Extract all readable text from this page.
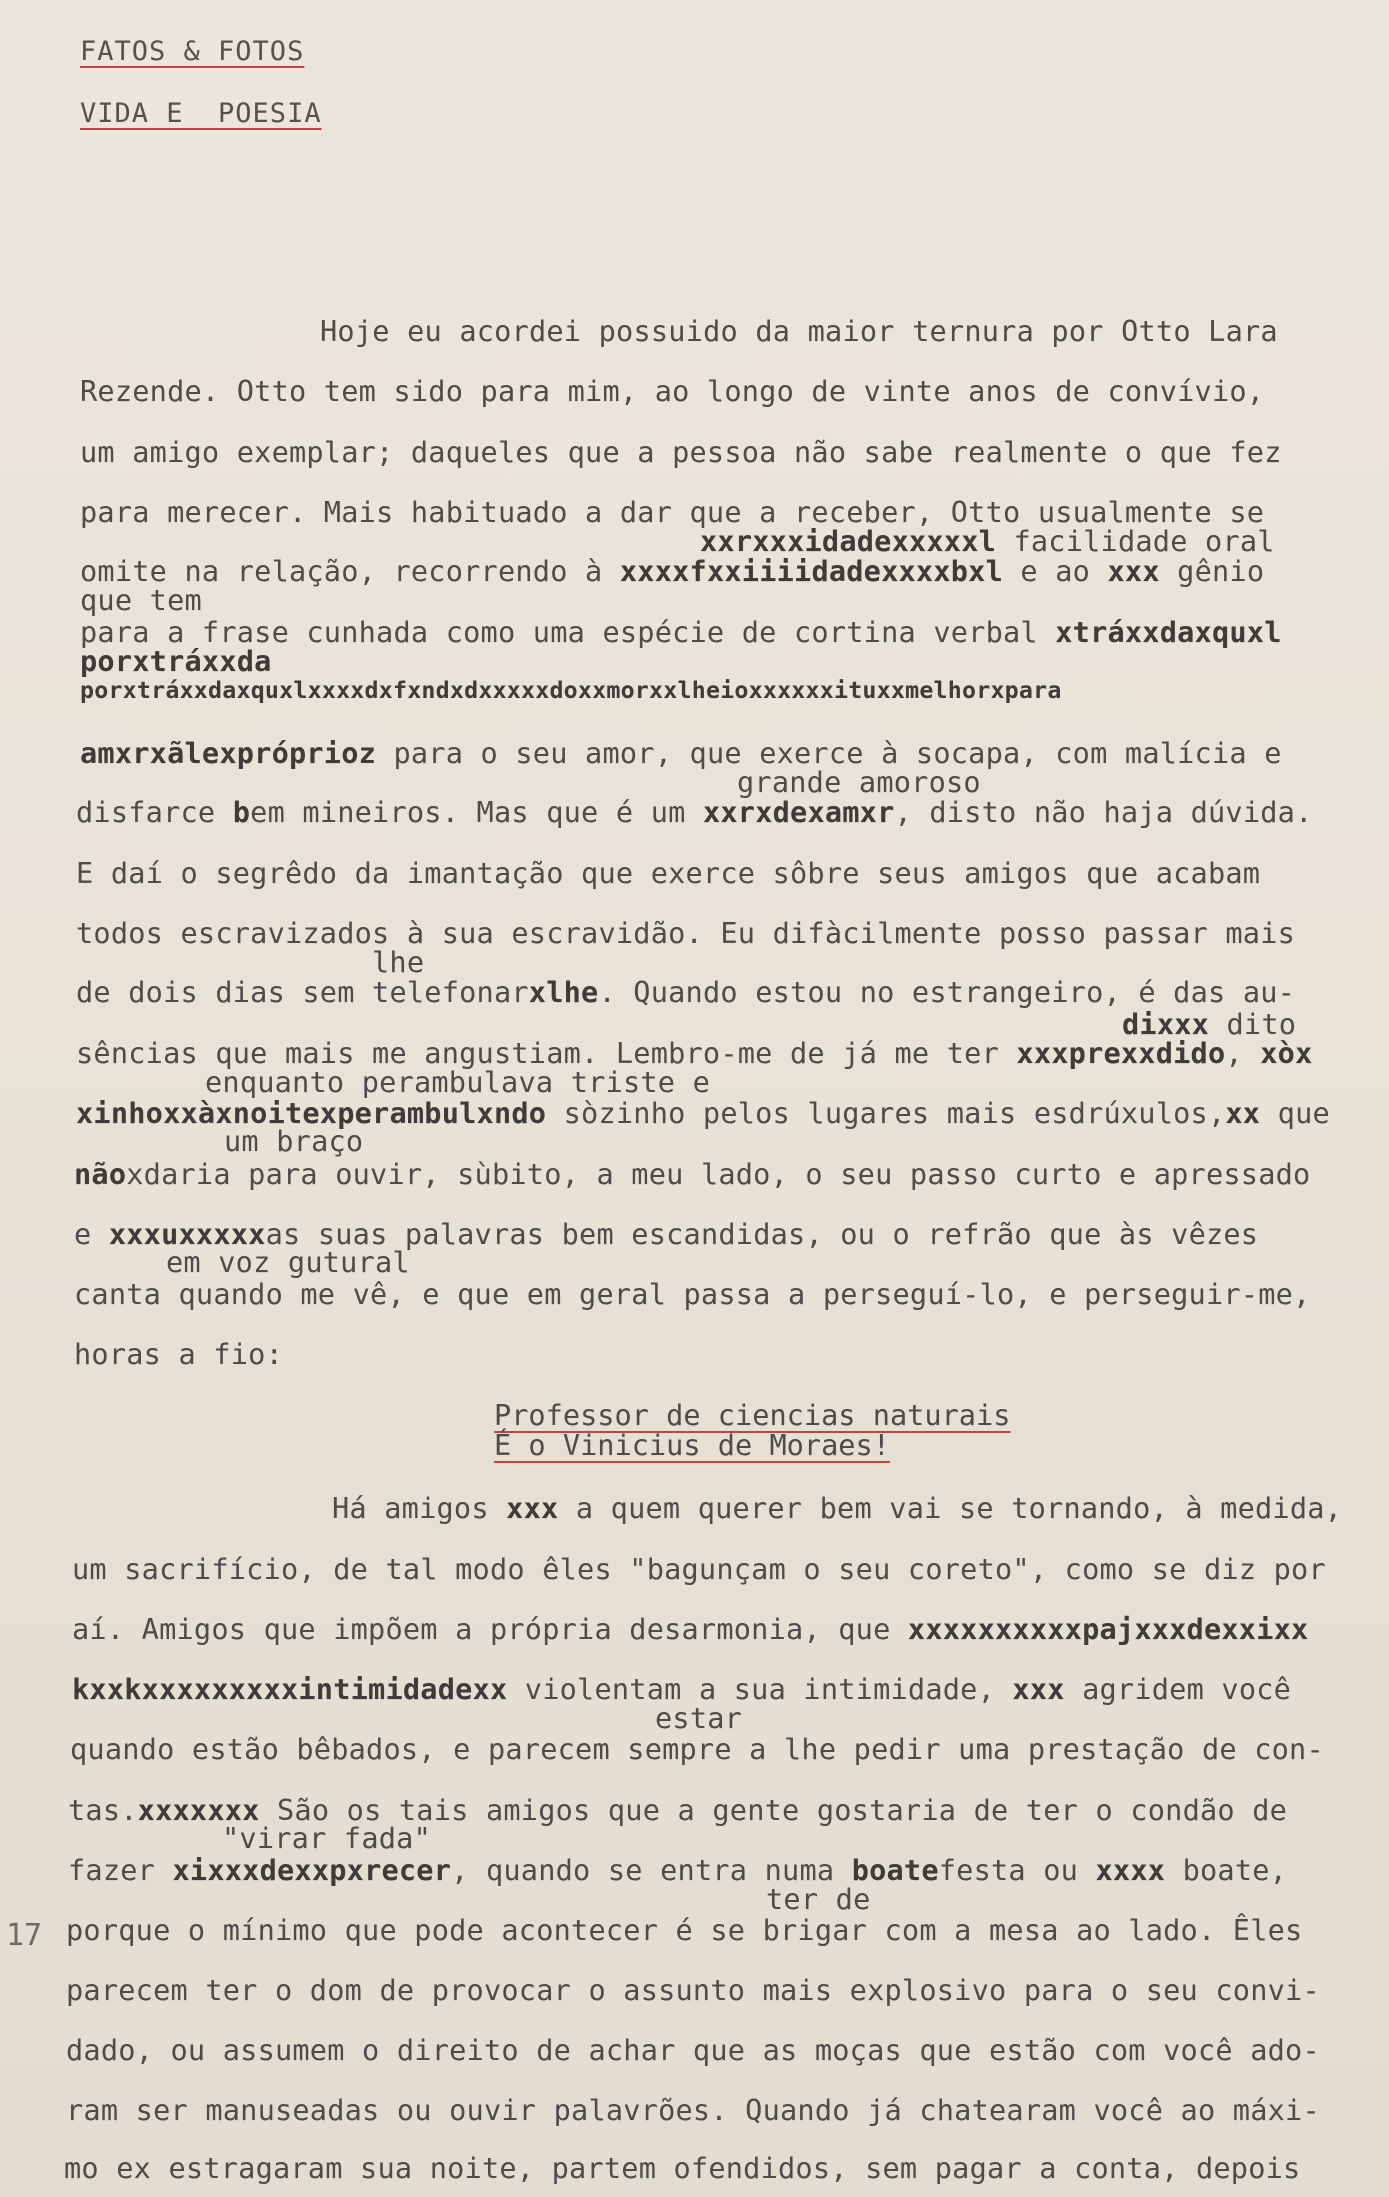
FATOS & FOTOS
VIDA E  POESIA
Hoje eu acordei possuido da maior ternura por Otto Lara
Rezende. Otto tem sido para mim, ao longo de vinte anos de convívio,
um amigo exemplar; daqueles que a pessoa não sabe realmente o que fez
para merecer. Mais habituado a dar que a receber, Otto usualmente se
xxrxxxidadexxxxxl facilidade oral
omite na relação, recorrendo à xxxxfxxiiiidadexxxxbxl e ao xxx gênio
que tem
para a frase cunhada como uma espécie de cortina verbal xtráxxdaxquxl
porxtráxxda
porxtráxxdaxquxlxxxxdxfxndxdxxxxxdoxxmorxxlheioxxxxxxituxxmelhorxpara
amxrxãlexpróprioz para o seu amor, que exerce à socapa, com malícia e
grande amoroso
disfarce bem mineiros. Mas que é um xxrxdexamxr, disto não haja dúvida.
E daí o segrêdo da imantação que exerce sôbre seus amigos que acabam
todos escravizados à sua escravidão. Eu difàcilmente posso passar mais
lhe
de dois dias sem telefonarxlhe. Quando estou no estrangeiro, é das au-
dixxx dito
sências que mais me angustiam. Lembro-me de já me ter xxxprexxdido, xòx
enquanto perambulava triste e
xinhoxxàxnoitexperambulxndo sòzinho pelos lugares mais esdrúxulos,xx que
um braço
nãoxdaria para ouvir, sùbito, a meu lado, o seu passo curto e apressado
e xxxuxxxxxas suas palavras bem escandidas, ou o refrão que às vêzes
em voz gutural
canta quando me vê, e que em geral passa a perseguí-lo, e perseguir-me,
horas a fio:
Professor de ciencias naturais
É o Vinicius de Moraes!
Há amigos xxx a quem querer bem vai se tornando, à medida,
um sacrifício, de tal modo êles "bagunçam o seu coreto", como se diz por
aí. Amigos que impõem a própria desarmonia, que xxxxxxxxxxpajxxxdexxixx
kxxkxxxxxxxxxintimidadexx violentam a sua intimidade, xxx agridem você
estar
quando estão bêbados, e parecem sempre a lhe pedir uma prestação de con-
tas.xxxxxxx São os tais amigos que a gente gostaria de ter o condão de
"virar fada"
fazer xixxxdexxpxrecer, quando se entra numa boatefesta ou xxxx boate,
ter de
porque o mínimo que pode acontecer é se brigar com a mesa ao lado. Êles
parecem ter o dom de provocar o assunto mais explosivo para o seu convi-
dado, ou assumem o direito de achar que as moças que estão com você ado-
ram ser manuseadas ou ouvir palavrões. Quando já chatearam você ao máxi-
mo ex estragaram sua noite, partem ofendidos, sem pagar a conta, depois
17
